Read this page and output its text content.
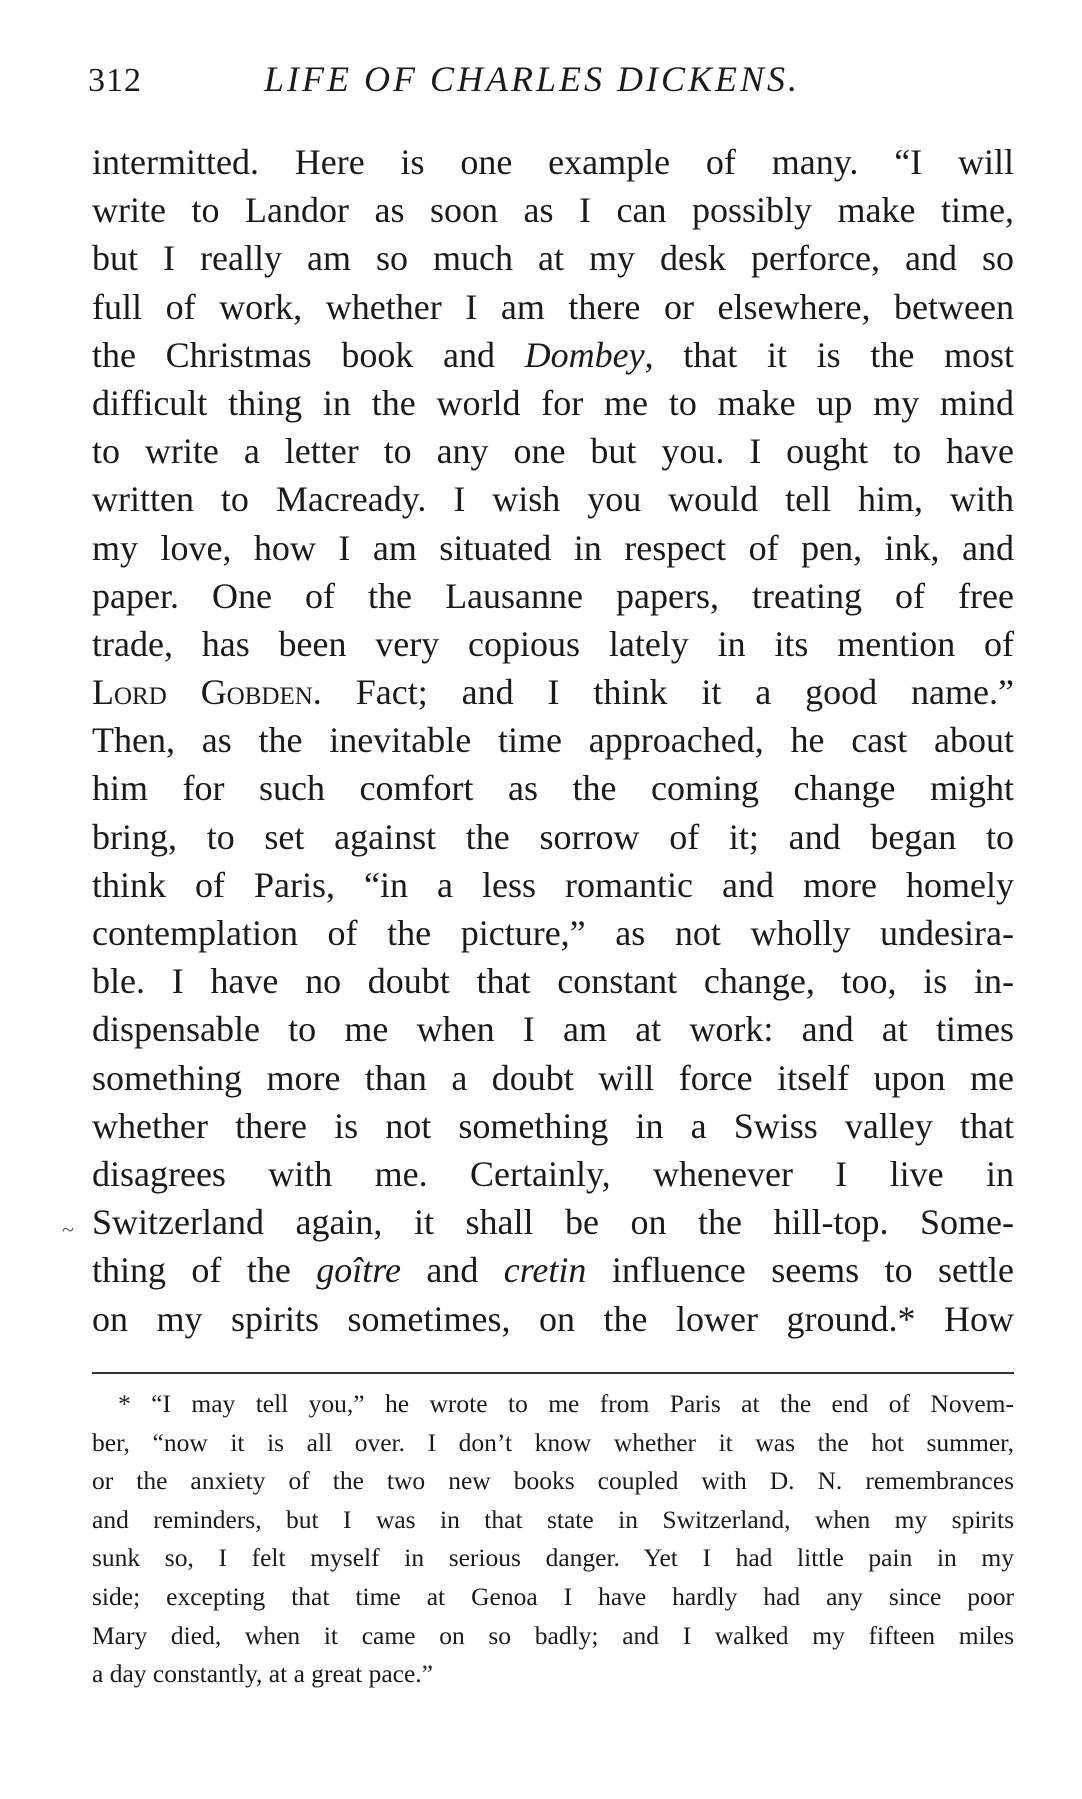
312	LIFE OF CHARLES DICKENS.
intermitted. Here is one example of many. “I will
write to Landor as soon as I can possibly make time,
but I really am so much at my desk perforce, and so
full of work, whether I am there or elsewhere, between
the Christmas book and Dombey, that it is the most
difficult thing in the world for me to make up my mind
to write a letter to any one but you. I ought to have
written to Macready. I wish you would tell him, with
my love, how I am situated in respect of pen, ink, and
paper. One of the Lausanne papers, treating of free
trade, has been very copious lately in its mention of
Lord Gobden. Fact; and I think it a good name.”
Then, as the inevitable time approached, he cast about
him for such comfort as the coming change might
bring, to set against the sorrow of it; and began to
think of Paris, “in a less romantic and more homely
contemplation of the picture,” as not wholly undesira-
ble. I have no doubt that constant change, too, is in-
dispensable to me when I am at work: and at times
something more than a doubt will force itself upon me
whether there is not something in a Swiss valley that
disagrees with me. Certainly, whenever I live in
Switzerland again, it shall be on the hill-top. Some-
thing of the goître and cretin influence seems to settle
on my spirits sometimes, on the lower ground.* How
~
* “I may tell you,” he wrote to me from Paris at the end of Novem-
ber, “now it is all over. I don’t know whether it was the hot summer,
or the anxiety of the two new books coupled with D. N. remembrances
and reminders, but I was in that state in Switzerland, when my spirits
sunk so, I felt myself in serious danger. Yet I had little pain in my
side; excepting that time at Genoa I have hardly had any since poor
Mary died, when it came on so badly; and I walked my fifteen miles
a day constantly, at a great pace.”
